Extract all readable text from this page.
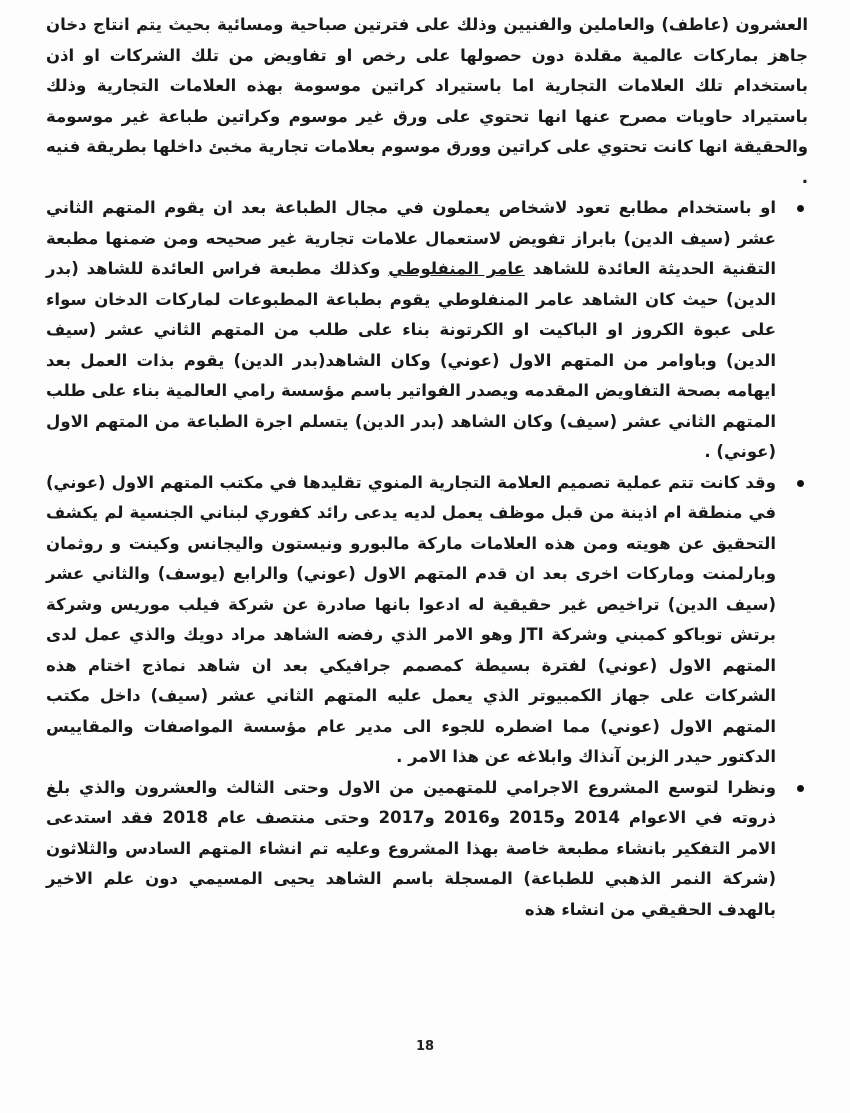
العشرون (عاطف) والعاملين والفنيين وذلك على فترتين صباحية ومسائية بحيث يتم انتاج دخان جاهز بماركات عالمية مقلدة دون حصولها على رخص او تفاويض من تلك الشركات او اذن باستخدام تلك العلامات التجارية اما باستيراد كراتين موسومة بهذه العلامات التجارية وذلك باستيراد حاويات مصرح عنها انها تحتوي على ورق غير موسوم وكراتين طباعة غير موسومة والحقيقة انها كانت تحتوي على كراتين وورق موسوم بعلامات تجارية مخبئ داخلها بطريقة فنيه .

او باستخدام مطابع تعود لاشخاص يعملون في مجال الطباعة بعد ان يقوم المتهم الثاني عشر (سيف الدين) بابراز تفويض لاستعمال علامات تجارية غير صحيحه ومن ضمنها مطبعة التقنية الحديثة العائدة للشاهد عامر المنفلوطي وكذلك مطبعة فراس العائدة للشاهد (بدر الدين) حيث كان الشاهد عامر المنفلوطي يقوم بطباعة المطبوعات لماركات الدخان سواء على عبوة الكروز او الباكيت او الكرتونة بناء على طلب من المتهم الثاني عشر (سيف الدين) وباوامر من المتهم الاول (عوني) وكان الشاهد(بدر الدين) يقوم بذات العمل بعد ايهامه بصحة التفاويض المقدمه ويصدر الفواتير باسم مؤسسة رامي العالمية بناء على طلب المتهم الثاني عشر (سيف) وكان الشاهد (بدر الدين) يتسلم اجرة الطباعة من المتهم الاول (عوني) .
وقد كانت تتم عملية تصميم العلامة التجارية المنوي تقليدها في مكتب المتهم الاول (عوني) في منطقة ام اذينة من قبل موظف يعمل لديه يدعى رائد كفوري لبناني الجنسية لم يكشف التحقيق عن هويته ومن هذه العلامات ماركة مالبورو ونيستون واليجانس وكينت و روثمان وبارلمنت وماركات اخرى بعد ان قدم المتهم الاول (عوني) والرابع (يوسف) والثاني عشر (سيف الدين) تراخيص غير حقيقية له ادعوا بانها صادرة عن شركة فيلب موريس وشركة برتش توباكو كمبني وشركة JTI وهو الامر الذي رفضه الشاهد مراد دويك والذي عمل لدى المتهم الاول (عوني) لفترة بسيطة كمصمم جرافيكي بعد ان شاهد نماذج اختام هذه الشركات على جهاز الكمبيوتر الذي يعمل عليه المتهم الثاني عشر (سيف) داخل مكتب المتهم الاول (عوني) مما اضطره للجوء الى مدير عام مؤسسة المواصفات والمقاييس الدكتور حيدر الزبن آنذاك وابلاغه عن هذا الامر .
ونظرا لتوسع المشروع الاجرامي للمتهمين من الاول وحتى الثالث والعشرون والذي بلغ ذروته في الاعوام 2014 و2015 و2016 و2017 وحتى منتصف عام 2018 فقد استدعى الامر التفكير بانشاء مطبعة خاصة بهذا المشروع وعليه تم انشاء المتهم السادس والثلاثون (شركة النمر الذهبي للطباعة) المسجلة باسم الشاهد يحيى المسيمي دون علم الاخير بالهدف الحقيقي من انشاء هذه
18
